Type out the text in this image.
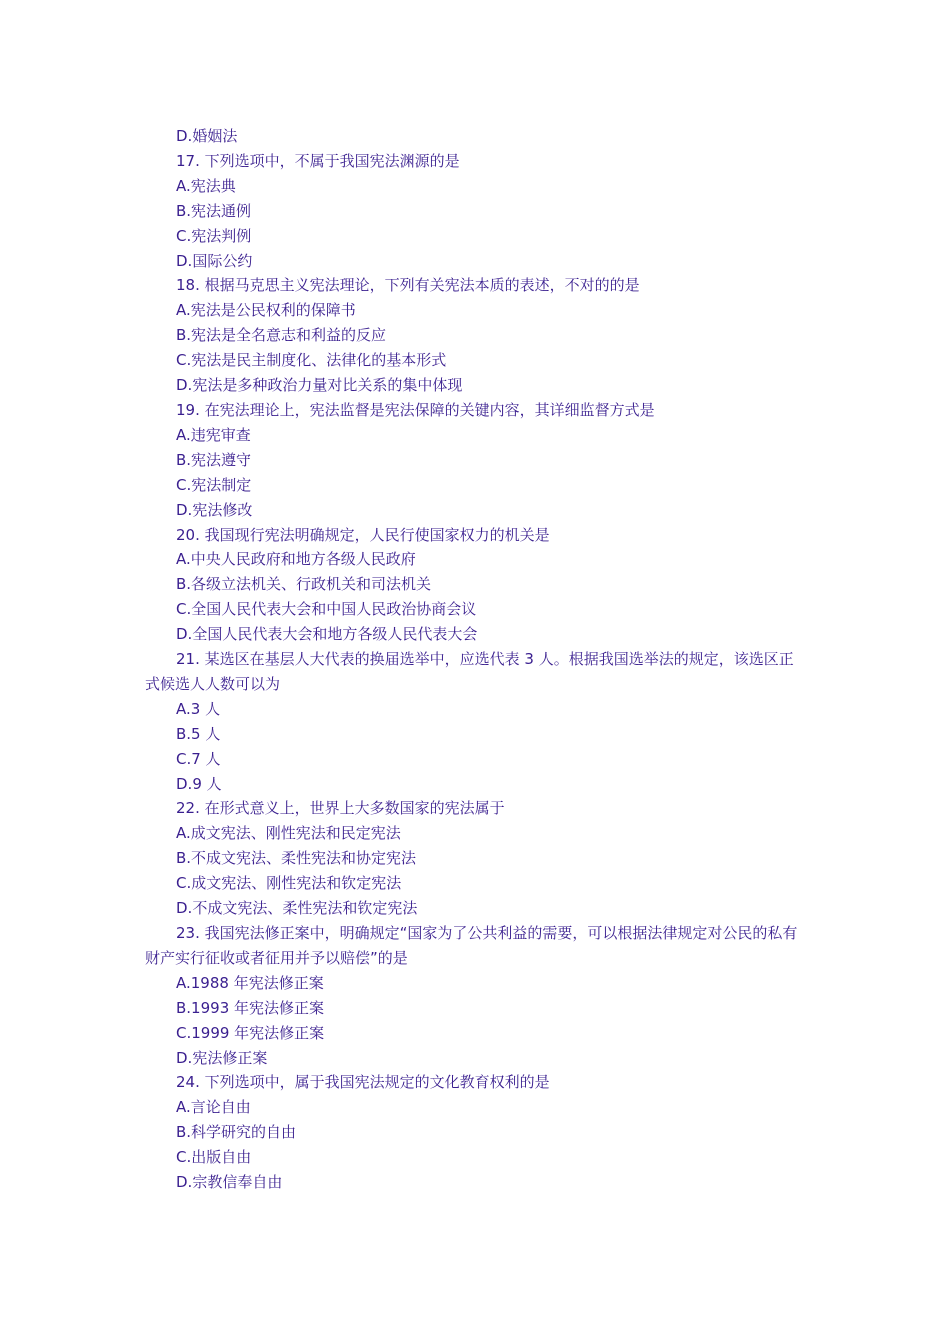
D.婚姻法
17. 下列选项中，不属于我国宪法渊源的是
A.宪法典
B.宪法通例
C.宪法判例
D.国际公约
18. 根据马克思主义宪法理论，下列有关宪法本质的表述，不对的的是
A.宪法是公民权利的保障书
B.宪法是全名意志和利益的反应
C.宪法是民主制度化、法律化的基本形式
D.宪法是多种政治力量对比关系的集中体现
19. 在宪法理论上，宪法监督是宪法保障的关键内容，其详细监督方式是
A.违宪审查
B.宪法遵守
C.宪法制定
D.宪法修改
20. 我国现行宪法明确规定，人民行使国家权力的机关是
A.中央人民政府和地方各级人民政府
B.各级立法机关、行政机关和司法机关
C.全国人民代表大会和中国人民政治协商会议
D.全国人民代表大会和地方各级人民代表大会
21. 某选区在基层人大代表的换届选举中，应选代表 3 人。根据我国选举法的规定，该选区正式候选人人数可以为
A.3 人
B.5 人
C.7 人
D.9 人
22. 在形式意义上，世界上大多数国家的宪法属于
A.成文宪法、刚性宪法和民定宪法
B.不成文宪法、柔性宪法和协定宪法
C.成文宪法、刚性宪法和钦定宪法
D.不成文宪法、柔性宪法和钦定宪法
23. 我国宪法修正案中，明确规定“国家为了公共利益的需要，可以根据法律规定对公民的私有财产实行征收或者征用并予以赔偿”的是
A.1988 年宪法修正案
B.1993 年宪法修正案
C.1999 年宪法修正案
D.宪法修正案
24. 下列选项中，属于我国宪法规定的文化教育权利的是
A.言论自由
B.科学研究的自由
C.出版自由
D.宗教信奉自由
